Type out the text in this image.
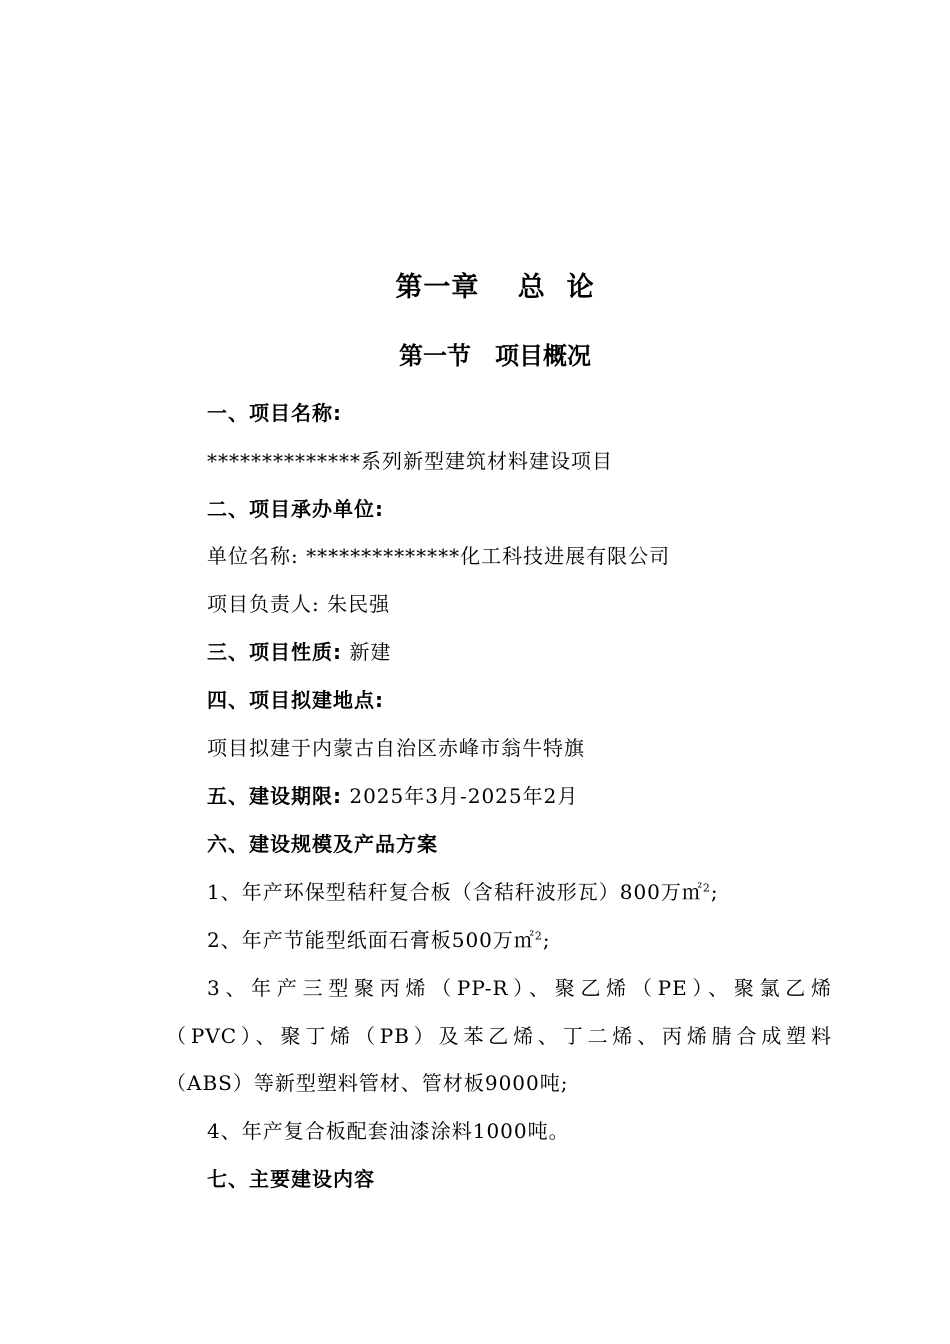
第一章　 总  论
第一节　项目概况
一、项目名称:
**************系列新型建筑材料建设项目
二、项目承办单位:
单位名称: **************化工科技进展有限公司
项目负责人: 朱民强
三、项目性质: 新建
四、项目拟建地点:
项目拟建于内蒙古自治区赤峰市翁牛特旗
五、建设期限: 2025年3月-2025年2月
六、建设规模及产品方案
1、年产环保型秸秆复合板（含秸秆波形瓦）800万㎡$^2$;
2、年产节能型纸面石膏板500万㎡$^2$;
3、年产三型聚丙烯（PP-R）、聚乙烯（PE）、聚氯乙烯
（PVC）、聚丁烯（PB）及苯乙烯、丁二烯、丙烯腈合成塑料
（ABS）等新型塑料管材、管材板9000吨;
4、年产复合板配套油漆涂料1000吨。
七、主要建设内容
